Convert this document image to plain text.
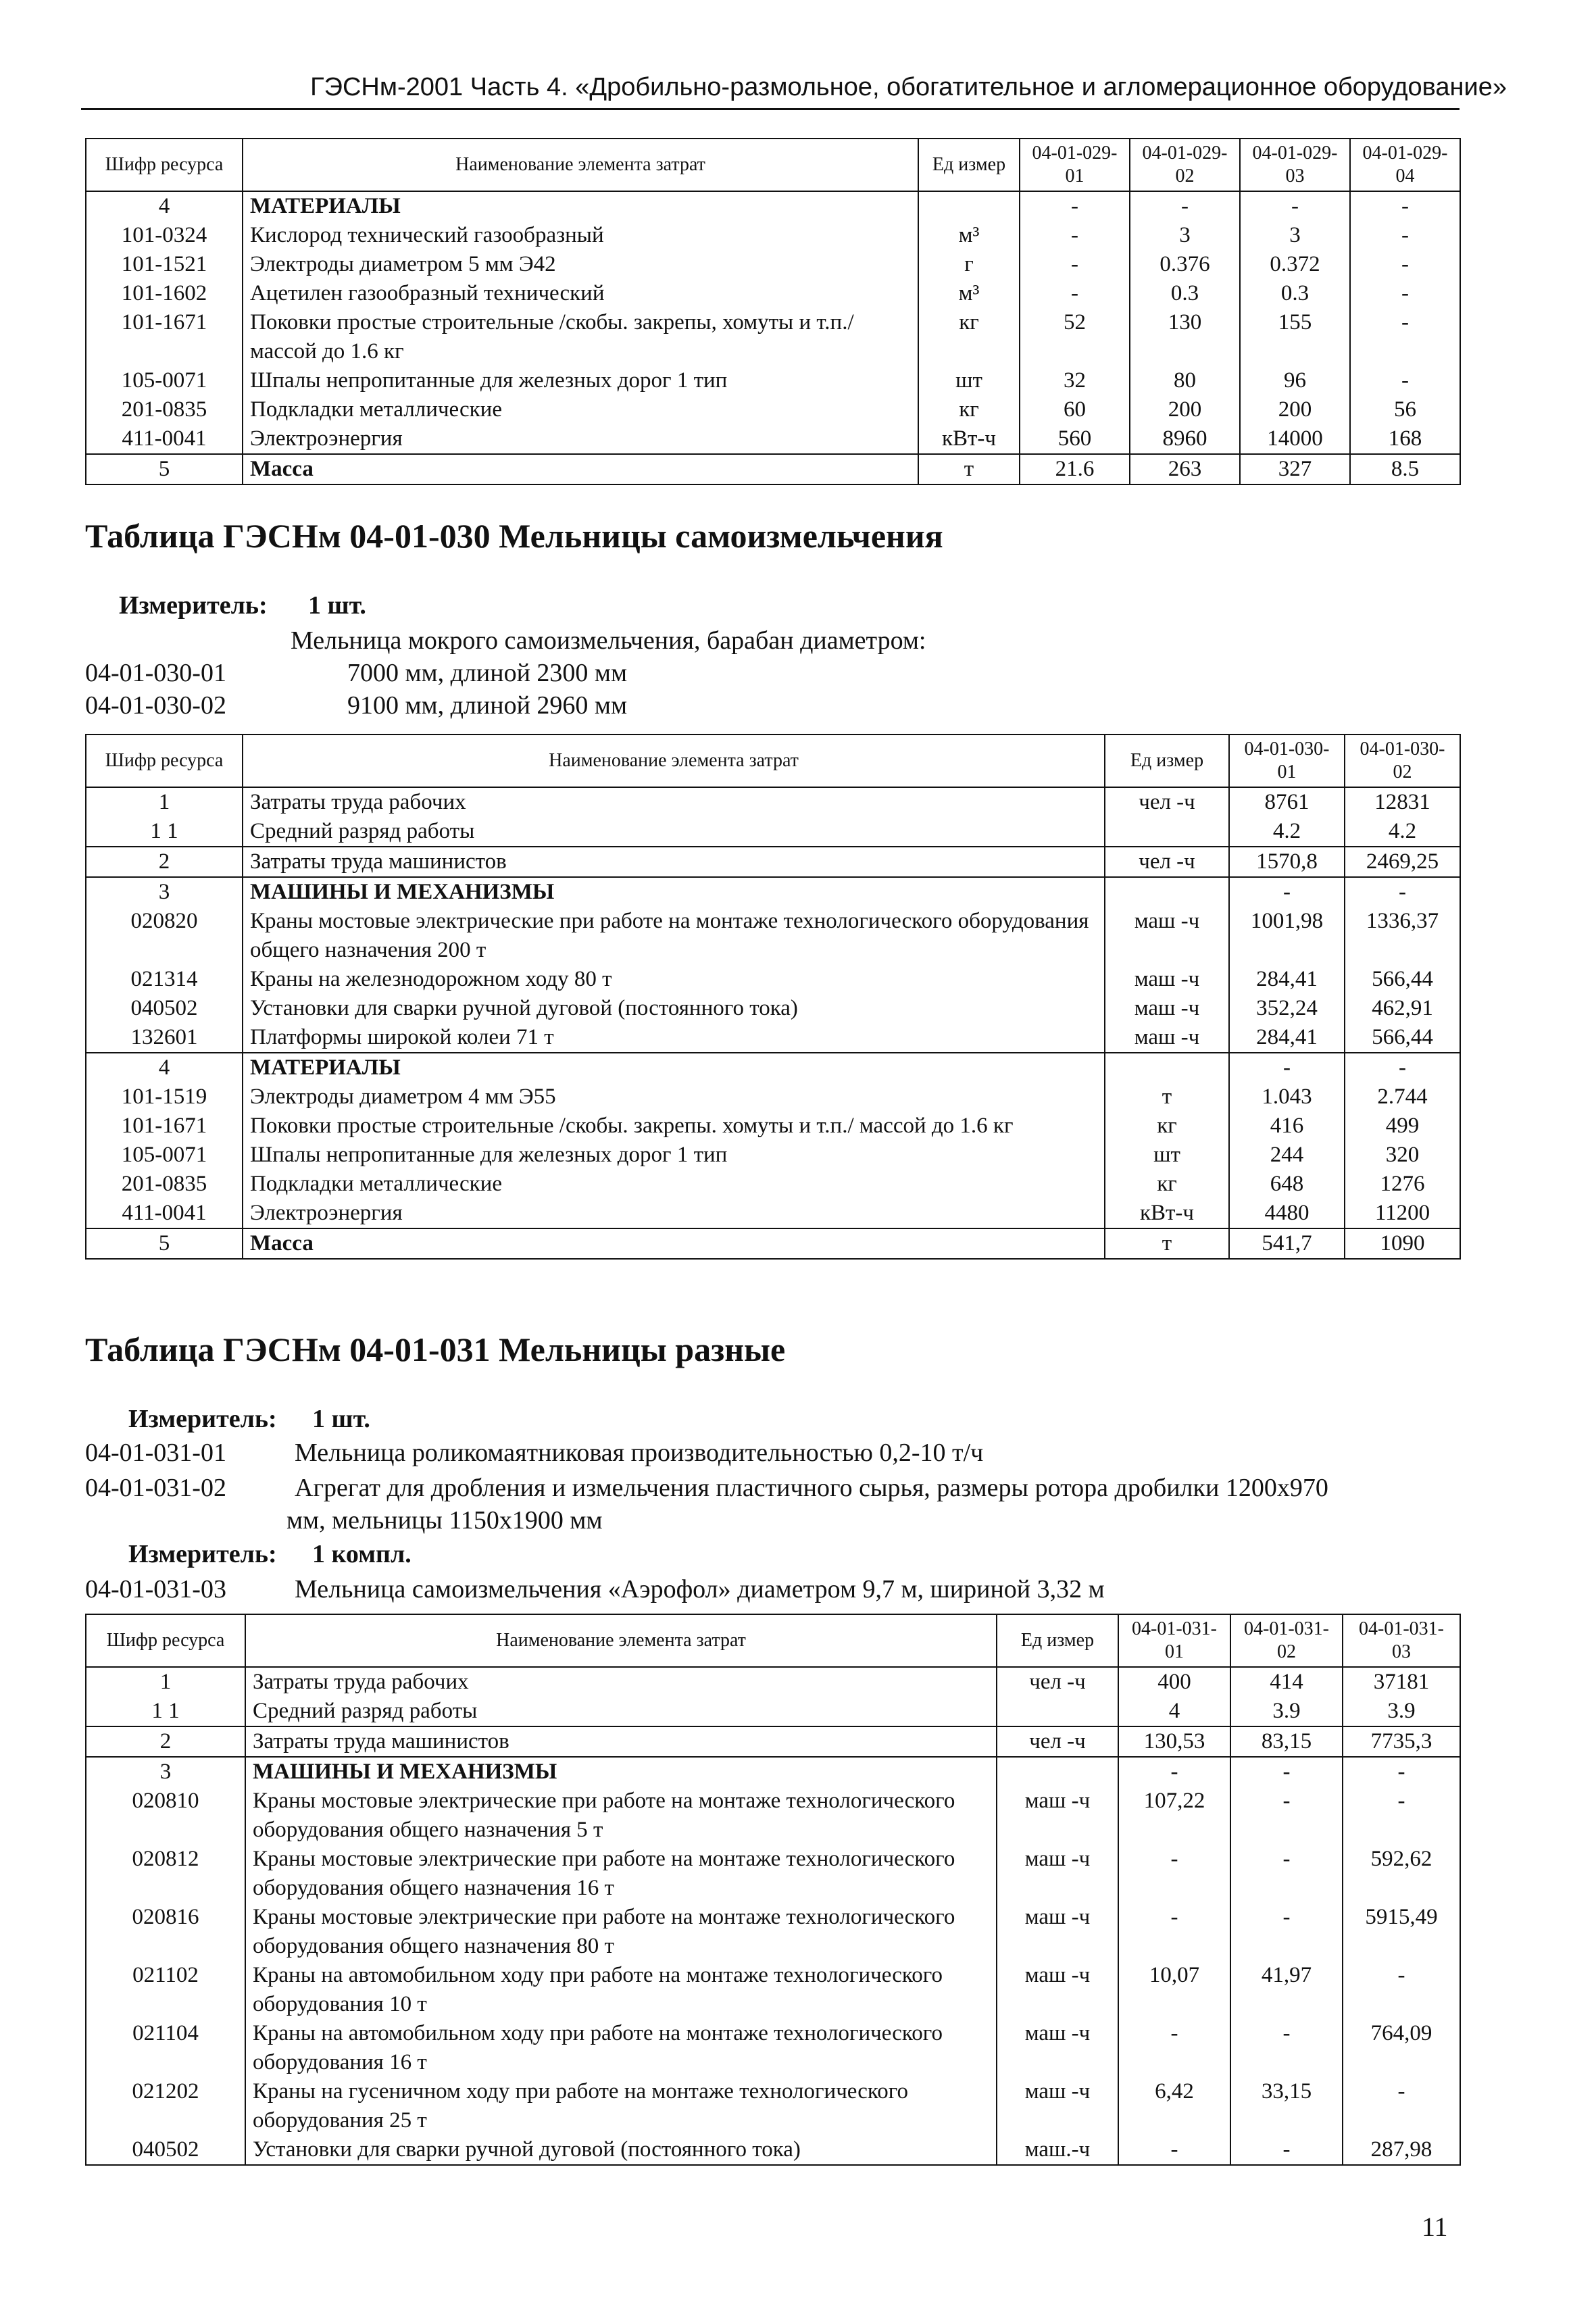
ГЭСНм-2001 Часть 4. «Дробильно-размольное, обогатительное и агломерационное оборудование»
Шифр ресурса	Наименование элемента затрат	Ед измер	04-01-029-01	04-01-029-02	04-01-029-03	04-01-029-04
4	МАТЕРИАЛЫ		-	-	-	-
101-0324	Кислород технический газообразный	м³	-	3	3	-
101-1521	Электроды диаметром 5 мм Э42	г	-	0.376	0.372	-
101-1602	Ацетилен газообразный технический	м³	-	0.3	0.3	-
101-1671	Поковки простые строительные /скобы. закрепы, хомуты и т.п./ массой до 1.6 кг	кг	52	130	155	-
105-0071	Шпалы непропитанные для железных дорог 1 тип	шт	32	80	96	-
201-0835	Подкладки металлические	кг	60	200	200	56
411-0041	Электроэнергия	кВт-ч	560	8960	14000	168
5	Масса	т	21.6	263	327	8.5
Таблица ГЭСНм 04-01-030 Мельницы самоизмельчения
Измеритель: 1 шт.
Мельница мокрого самоизмельчения, барабан диаметром:
04-01-030-01	7000 мм, длиной 2300 мм
04-01-030-02	9100 мм, длиной 2960 мм
Шифр ресурса	Наименование элемента затрат	Ед измер	04-01-030-01	04-01-030-02
1	Затраты труда рабочих	чел -ч	8761	12831
1 1	Средний разряд работы		4.2	4.2
2	Затраты труда машинистов	чел -ч	1570,8	2469,25
3	МАШИНЫ И МЕХАНИЗМЫ		-	-
020820	Краны мостовые электрические при работе на монтаже технологического оборудования общего назначения 200 т	маш -ч	1001,98	1336,37
021314	Краны на железнодорожном ходу 80 т	маш -ч	284,41	566,44
040502	Установки для сварки ручной дуговой (постоянного тока)	маш -ч	352,24	462,91
132601	Платформы широкой колеи 71 т	маш -ч	284,41	566,44
4	МАТЕРИАЛЫ		-	-
101-1519	Электроды диаметром 4 мм Э55	т	1.043	2.744
101-1671	Поковки простые строительные /скобы. закрепы. хомуты и т.п./ массой до 1.6 кг	кг	416	499
105-0071	Шпалы непропитанные для железных дорог 1 тип	шт	244	320
201-0835	Подкладки металлические	кг	648	1276
411-0041	Электроэнергия	кВт-ч	4480	11200
5	Масса	т	541,7	1090
Таблица ГЭСНм 04-01-031 Мельницы разные
Измеритель: 1 шт.
04-01-031-01	Мельница роликомаятниковая производительностью 0,2-10 т/ч
04-01-031-02	Агрегат для дробления и измельчения пластичного сырья, размеры ротора дробилки 1200х970
мм, мельницы 1150х1900 мм
Измеритель: 1 компл.
04-01-031-03	Мельница самоизмельчения «Аэрофол» диаметром 9,7 м, шириной 3,32 м
Шифр ресурса	Наименование элемента затрат	Ед измер	04-01-031-01	04-01-031-02	04-01-031-03
1	Затраты труда рабочих	чел -ч	400	414	37181
1 1	Средний разряд работы		4	3.9	3.9
2	Затраты труда машинистов	чел -ч	130,53	83,15	7735,3
3	МАШИНЫ И МЕХАНИЗМЫ		-	-	-
020810	Краны мостовые электрические при работе на монтаже технологического оборудования общего назначения 5 т	маш -ч	107,22	-	-
020812	Краны мостовые электрические при работе на монтаже технологического оборудования общего назначения 16 т	маш -ч	-	-	592,62
020816	Краны мостовые электрические при работе на монтаже технологического оборудования общего назначения 80 т	маш -ч	-	-	5915,49
021102	Краны на автомобильном ходу при работе на монтаже технологического оборудования 10 т	маш -ч	10,07	41,97	-
021104	Краны на автомобильном ходу при работе на монтаже технологического оборудования 16 т	маш -ч	-	-	764,09
021202	Краны на гусеничном ходу при работе на монтаже технологического оборудования 25 т	маш -ч	6,42	33,15	-
040502	Установки для сварки ручной дуговой (постоянного тока)	маш.-ч	-	-	287,98
11
